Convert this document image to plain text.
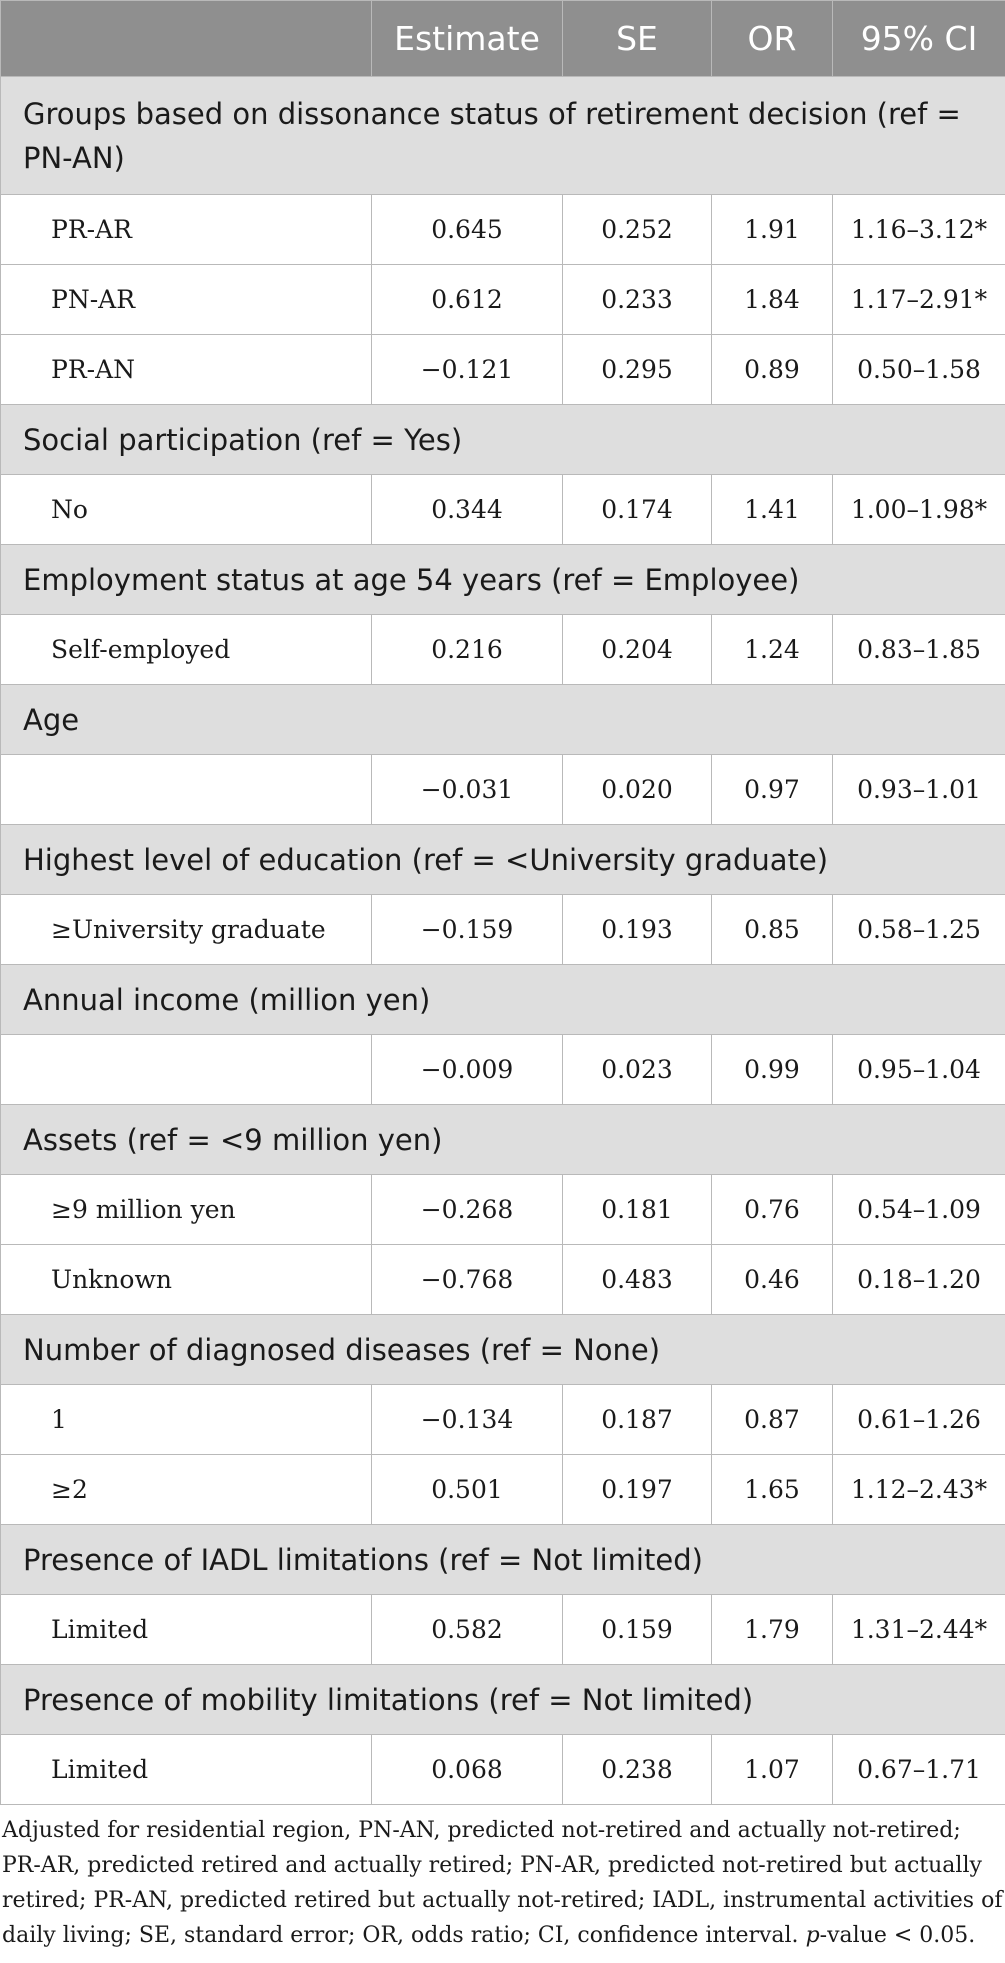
	Estimate	SE	OR	95% CI
Groups based on dissonance status of retirement decision (ref = PN-AN)				
PR-AR	0.645	0.252	1.91	1.16–3.12*
PN-AR	0.612	0.233	1.84	1.17–2.91*
PR-AN	−0.121	0.295	0.89	0.50–1.58
Social participation (ref = Yes)				
No	0.344	0.174	1.41	1.00–1.98*
Employment status at age 54 years (ref = Employee)				
Self-employed	0.216	0.204	1.24	0.83–1.85
Age				
	−0.031	0.020	0.97	0.93–1.01
Highest level of education (ref = <University graduate)				
≥University graduate	−0.159	0.193	0.85	0.58–1.25
Annual income (million yen)				
	−0.009	0.023	0.99	0.95–1.04
Assets (ref = <9 million yen)				
≥9 million yen	−0.268	0.181	0.76	0.54–1.09
Unknown	−0.768	0.483	0.46	0.18–1.20
Number of diagnosed diseases (ref = None)				
1	−0.134	0.187	0.87	0.61–1.26
≥2	0.501	0.197	1.65	1.12–2.43*
Presence of IADL limitations (ref = Not limited)				
Limited	0.582	0.159	1.79	1.31–2.44*
Presence of mobility limitations (ref = Not limited)				
Limited	0.068	0.238	1.07	0.67–1.71
Adjusted for residential region, PN-AN, predicted not-retired and actually not-retired; PR-AR, predicted retired and actually retired; PN-AR, predicted not-retired but actually retired; PR-AN, predicted retired but actually not-retired; IADL, instrumental activities of daily living; SE, standard error; OR, odds ratio; CI, confidence interval. p-value < 0.05.
